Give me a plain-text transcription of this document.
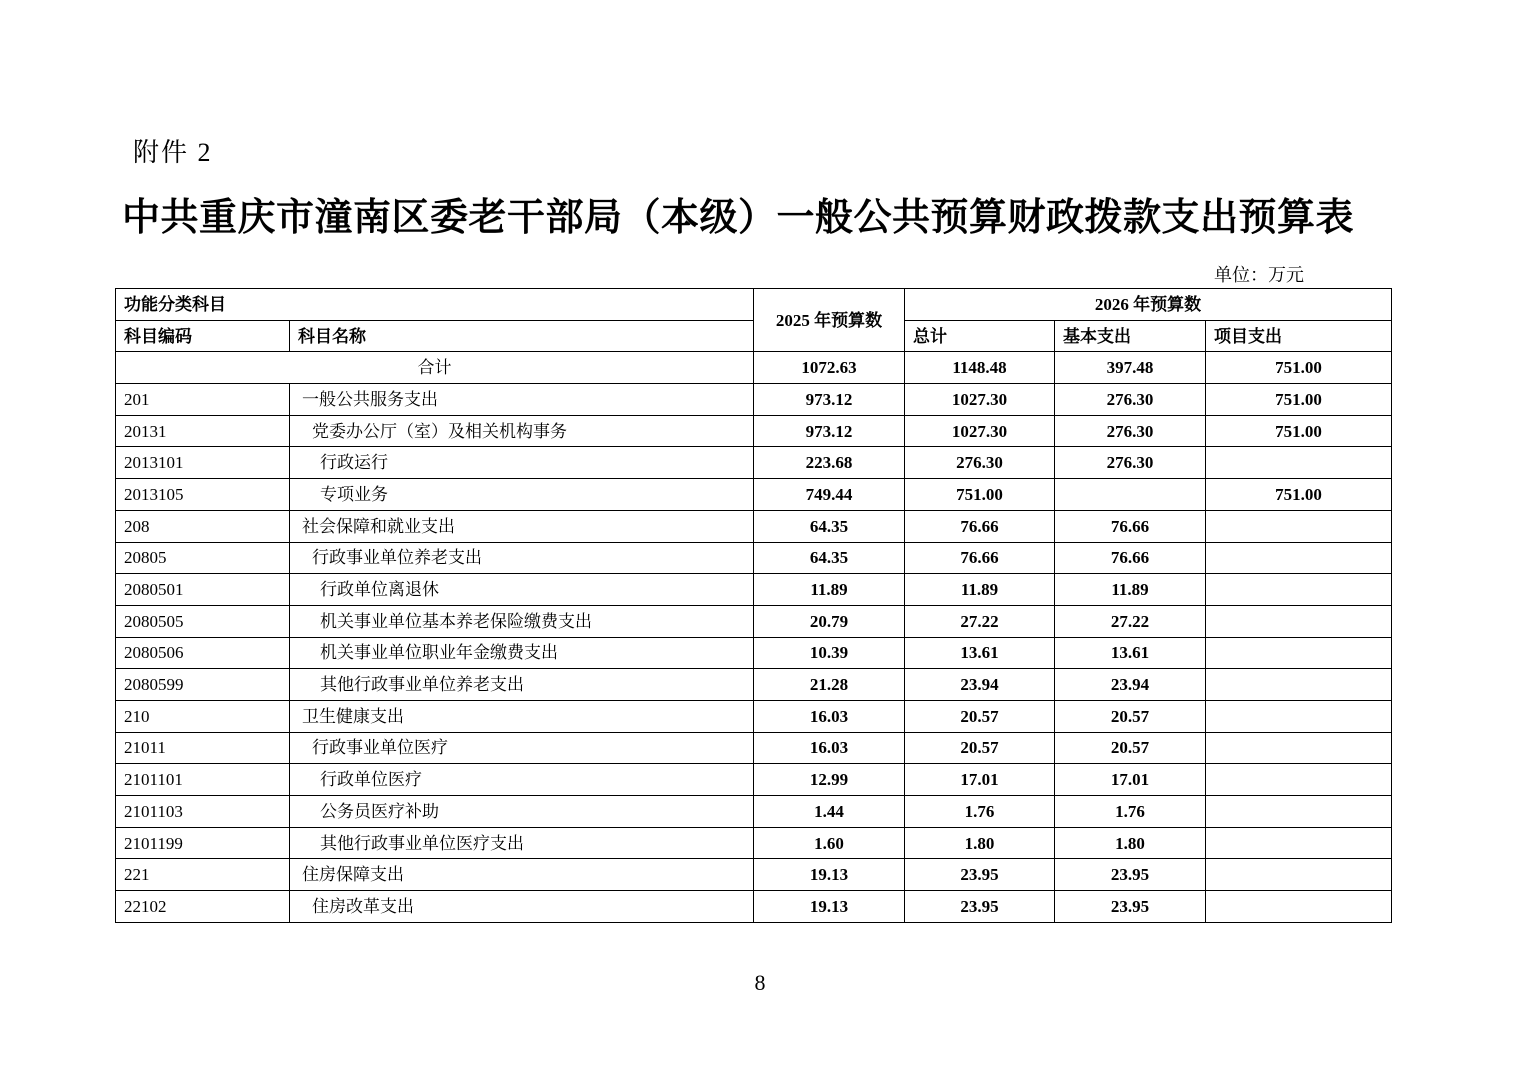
附件 2
中共重庆市潼南区委老干部局（本级）一般公共预算财政拨款支出预算表
单位：万元
功能分类科目		2025 年预算数	2026 年预算数		
科目编码	科目名称		总计	基本支出	项目支出
合计		1072.63	1148.48	397.48	751.00
201	一般公共服务支出	973.12	1027.30	276.30	751.00
20131	党委办公厅（室）及相关机构事务	973.12	1027.30	276.30	751.00
2013101	行政运行	223.68	276.30	276.30	
2013105	专项业务	749.44	751.00		751.00
208	社会保障和就业支出	64.35	76.66	76.66	
20805	行政事业单位养老支出	64.35	76.66	76.66	
2080501	行政单位离退休	11.89	11.89	11.89	
2080505	机关事业单位基本养老保险缴费支出	20.79	27.22	27.22	
2080506	机关事业单位职业年金缴费支出	10.39	13.61	13.61	
2080599	其他行政事业单位养老支出	21.28	23.94	23.94	
210	卫生健康支出	16.03	20.57	20.57	
21011	行政事业单位医疗	16.03	20.57	20.57	
2101101	行政单位医疗	12.99	17.01	17.01	
2101103	公务员医疗补助	1.44	1.76	1.76	
2101199	其他行政事业单位医疗支出	1.60	1.80	1.80	
221	住房保障支出	19.13	23.95	23.95	
22102	住房改革支出	19.13	23.95	23.95	
8
